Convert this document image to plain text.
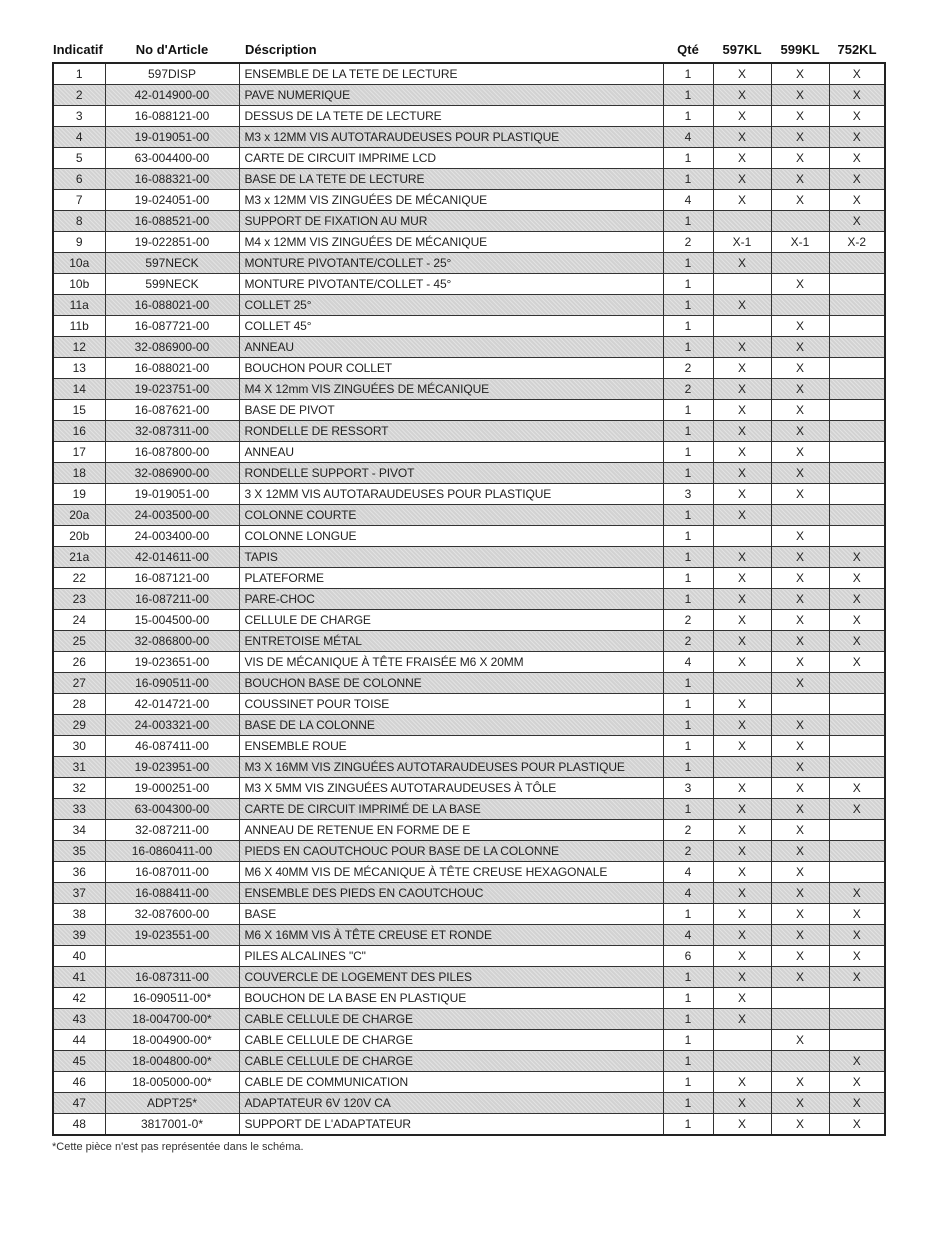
Indicatif	No d'Article	Déscription	Qté	597KL	599KL	752KL
1	597DISP	ENSEMBLE DE LA TETE DE LECTURE	1	X	X	X
2	42-014900-00	PAVE NUMERIQUE	1	X	X	X
3	16-088121-00	DESSUS DE LA TETE DE LECTURE	1	X	X	X
4	19-019051-00	M3 x 12MM VIS AUTOTARAUDEUSES POUR PLASTIQUE	4	X	X	X
5	63-004400-00	CARTE DE CIRCUIT IMPRIME LCD	1	X	X	X
6	16-088321-00	BASE DE LA TETE DE LECTURE	1	X	X	X
7	19-024051-00	M3 x 12MM VIS ZINGUÉES DE MÉCANIQUE	4	X	X	X
8	16-088521-00	SUPPORT DE FIXATION AU MUR	1			X
9	19-022851-00	M4 x 12MM VIS ZINGUÉES DE MÉCANIQUE	2	X-1	X-1	X-2
10a	597NECK	MONTURE PIVOTANTE/COLLET - 25°	1	X		
10b	599NECK	MONTURE PIVOTANTE/COLLET - 45°	1		X	
11a	16-088021-00	COLLET 25°	1	X		
11b	16-087721-00	COLLET 45°	1		X	
12	32-086900-00	ANNEAU	1	X	X	
13	16-088021-00	BOUCHON POUR COLLET	2	X	X	
14	19-023751-00	M4 X 12mm VIS ZINGUÉES DE MÉCANIQUE	2	X	X	
15	16-087621-00	BASE DE PIVOT	1	X	X	
16	32-087311-00	RONDELLE DE RESSORT	1	X	X	
17	16-087800-00	ANNEAU	1	X	X	
18	32-086900-00	RONDELLE SUPPORT - PIVOT	1	X	X	
19	19-019051-00	3 X 12MM VIS AUTOTARAUDEUSES POUR PLASTIQUE	3	X	X	
20a	24-003500-00	COLONNE COURTE	1	X		
20b	24-003400-00	COLONNE LONGUE	1		X	
21a	42-014611-00	TAPIS	1	X	X	X
22	16-087121-00	PLATEFORME	1	X	X	X
23	16-087211-00	PARE-CHOC	1	X	X	X
24	15-004500-00	CELLULE DE CHARGE	2	X	X	X
25	32-086800-00	ENTRETOISE MÉTAL	2	X	X	X
26	19-023651-00	VIS DE MÉCANIQUE À TÊTE FRAISÉE M6 X 20MM	4	X	X	X
27	16-090511-00	BOUCHON BASE DE COLONNE	1		X	
28	42-014721-00	COUSSINET POUR TOISE	1	X		
29	24-003321-00	BASE DE LA COLONNE	1	X	X	
30	46-087411-00	ENSEMBLE ROUE	1	X	X	
31	19-023951-00	M3 X 16MM VIS ZINGUÉES AUTOTARAUDEUSES POUR PLASTIQUE	1		X	
32	19-000251-00	M3 X 5MM VIS ZINGUÉES AUTOTARAUDEUSES À TÔLE	3	X	X	X
33	63-004300-00	CARTE DE CIRCUIT IMPRIMÉ DE LA BASE	1	X	X	X
34	32-087211-00	ANNEAU DE RETENUE EN FORME DE E	2	X	X	
35	16-0860411-00	PIEDS EN CAOUTCHOUC POUR BASE DE LA COLONNE	2	X	X	
36	16-087011-00	M6 X 40MM VIS DE MÉCANIQUE À TÊTE CREUSE HEXAGONALE	4	X	X	
37	16-088411-00	ENSEMBLE DES PIEDS EN CAOUTCHOUC	4	X	X	X
38	32-087600-00	BASE	1	X	X	X
39	19-023551-00	M6 X 16MM VIS À TÊTE CREUSE ET RONDE	4	X	X	X
40		PILES ALCALINES "C"	6	X	X	X
41	16-087311-00	COUVERCLE DE LOGEMENT DES PILES	1	X	X	X
42	16-090511-00*	BOUCHON DE LA BASE EN PLASTIQUE	1	X		
43	18-004700-00*	CABLE CELLULE DE CHARGE	1	X		
44	18-004900-00*	CABLE CELLULE DE CHARGE	1		X	
45	18-004800-00*	CABLE CELLULE DE CHARGE	1			X
46	18-005000-00*	CABLE DE COMMUNICATION	1	X	X	X
47	ADPT25*	ADAPTATEUR 6V 120V CA	1	X	X	X
48	3817001-0*	SUPPORT DE L'ADAPTATEUR	1	X	X	X
*Cette pièce n'est pas représentée dans le schéma.
